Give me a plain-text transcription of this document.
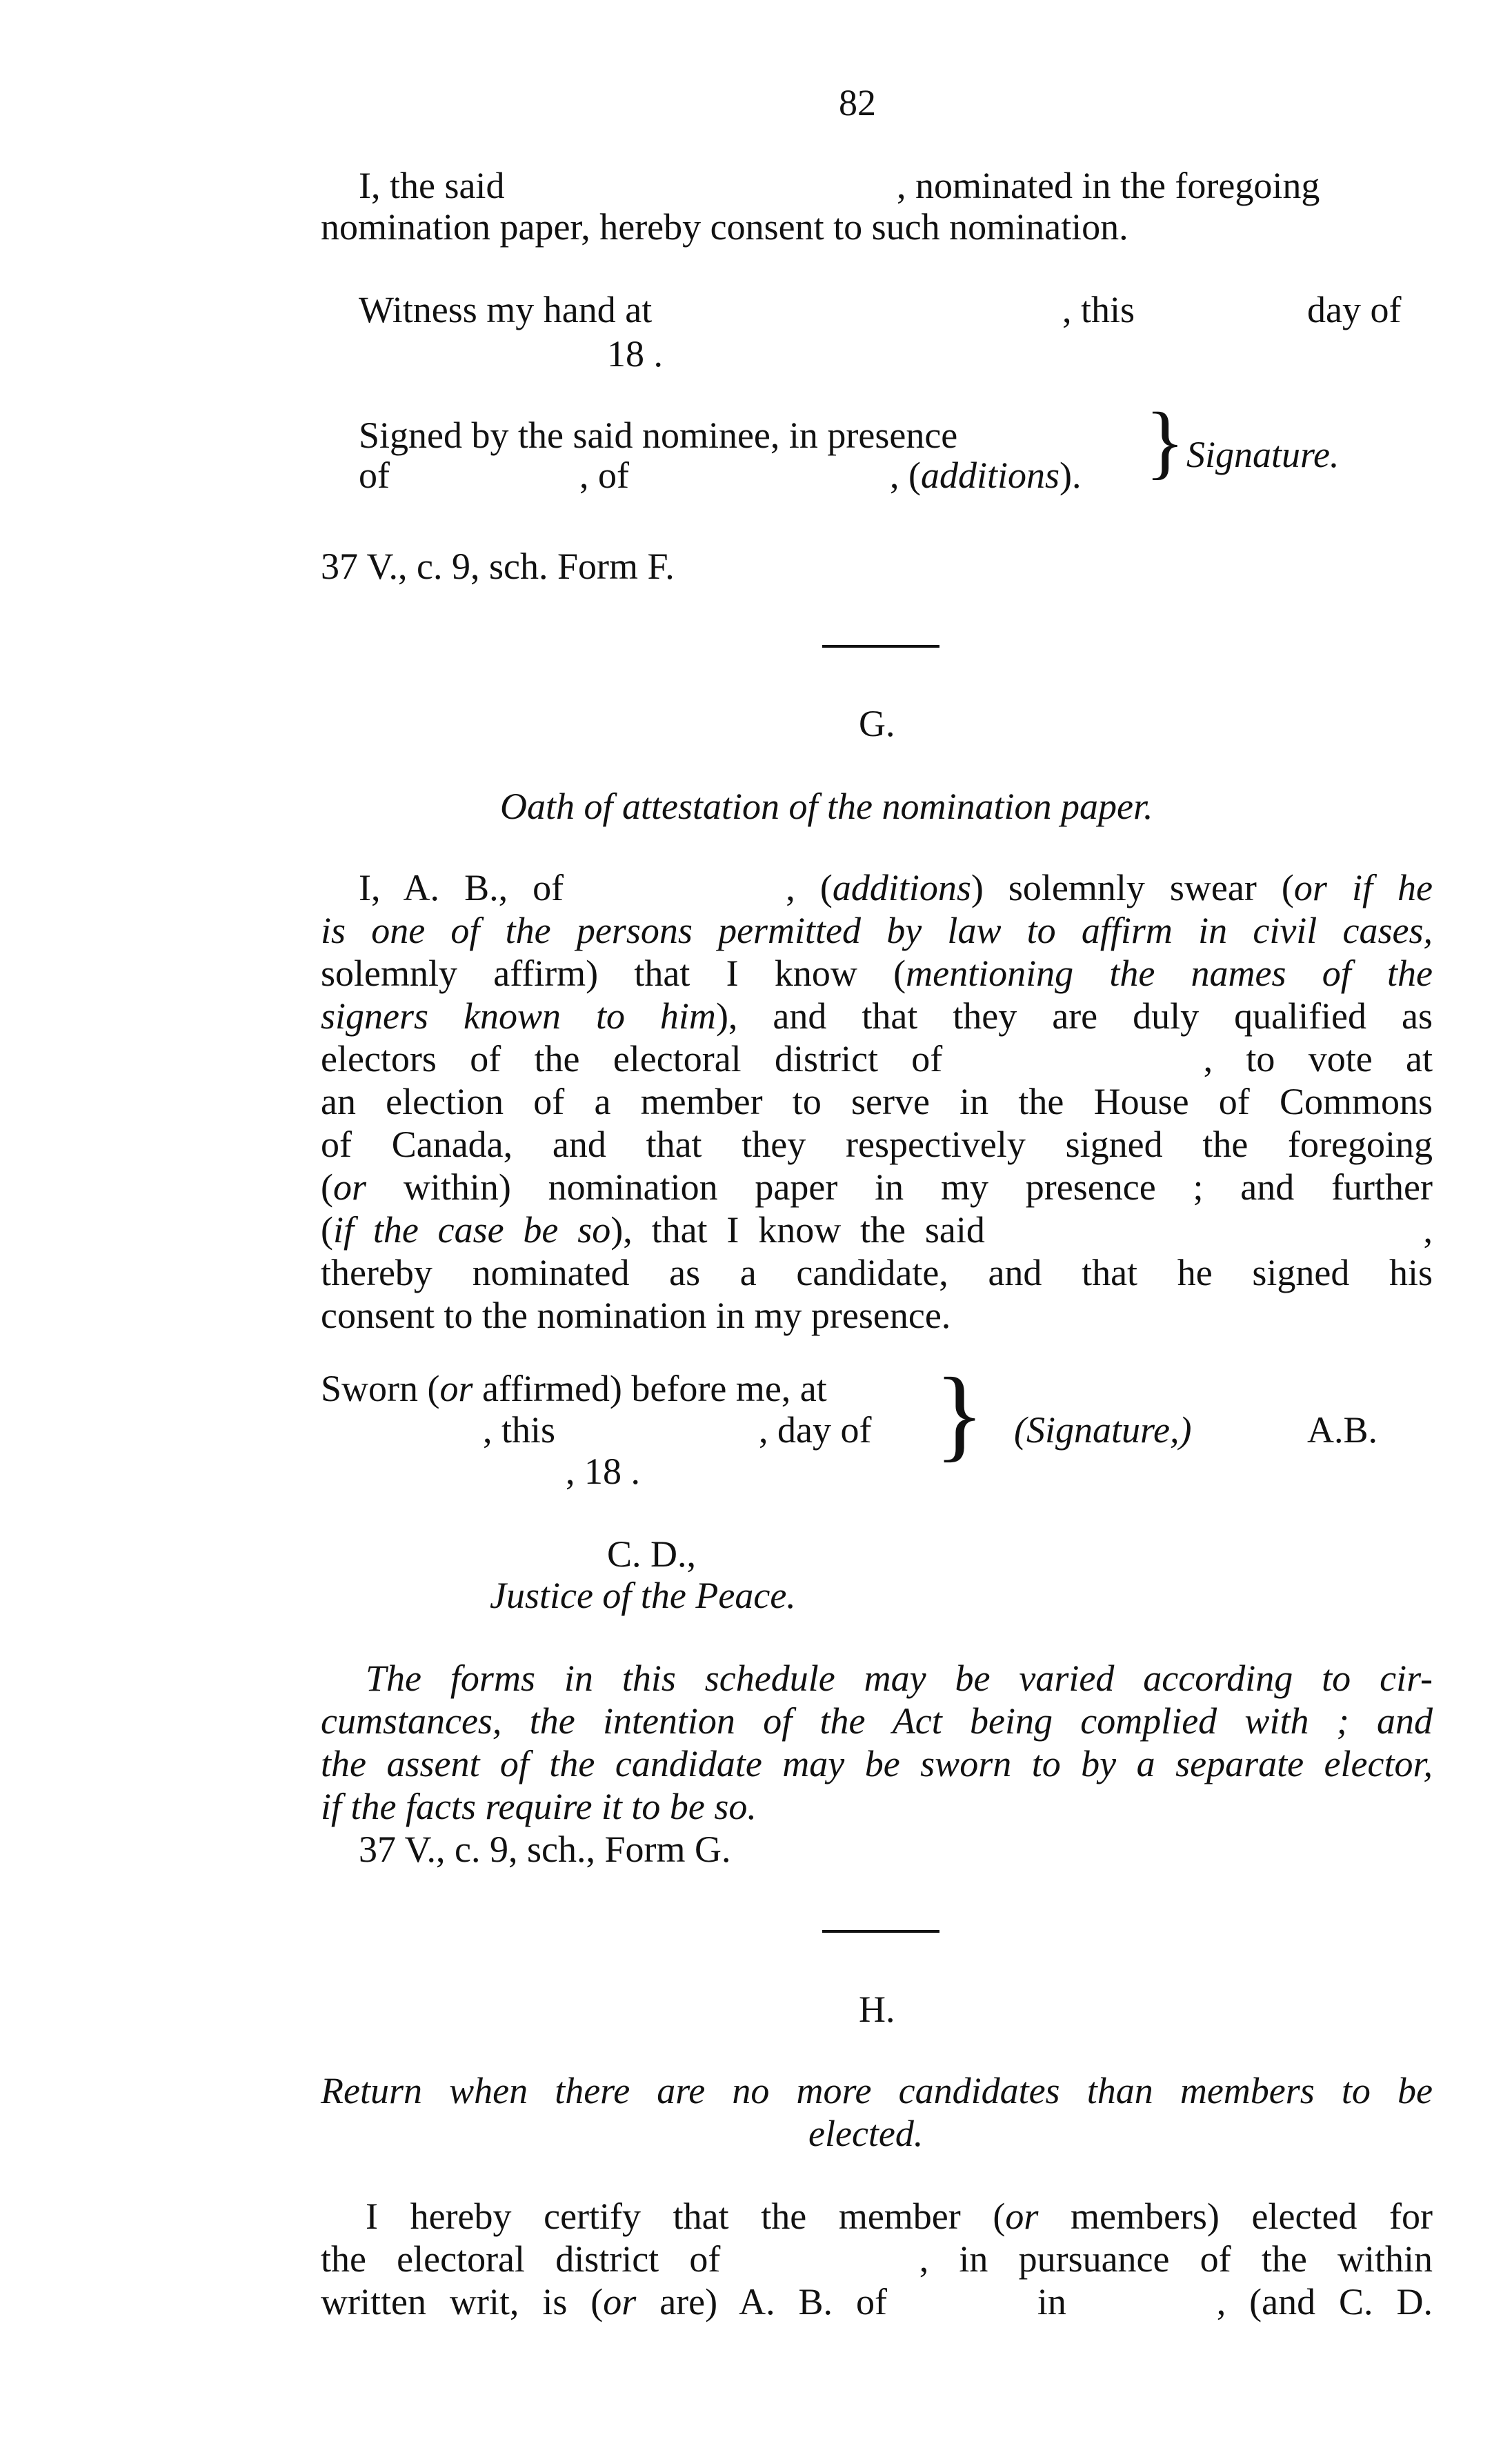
82
I, the said	, nominated in the foregoing
nomination paper, hereby consent to such nomination.
Witness my hand at	, this	day of
18 .
Signed by the said nominee, in presence
of	, of	, (additions). } Signature.
37 V., c. 9, sch. Form F.
G.
Oath of attestation of the nomination paper.
I, A. B., of	, (additions) solemnly swear (or if he
is one of the persons permitted by law to affirm in civil cases,
solemnly affirm) that I know (mentioning the names of the
signers known to him), and that they are duly qualified as
electors of the electoral district of	, to vote at
an election of a member to serve in the House of Commons
of Canada, and that they respectively signed the foregoing
(or within) nomination paper in my presence ; and further
(if the case be so), that I know the said	,
thereby nominated as a candidate, and that he signed his
consent to the nomination in my presence.
Sworn (or affirmed) before me, at
, this	, day of
, 18 .	} (Signature,)	A.B.
C. D.,
Justice of the Peace.
The forms in this schedule may be varied according to cir-
cumstances, the intention of the Act being complied with ; and
the assent of the candidate may be sworn to by a separate elector,
if the facts require it to be so.
37 V., c. 9, sch., Form G.
H.
Return when there are no more candidates than members to be
elected.
I hereby certify that the member (or members) elected for
the electoral district of	, in pursuance of the within
written writ, is (or are) A. B. of	in	, (and C. D.
